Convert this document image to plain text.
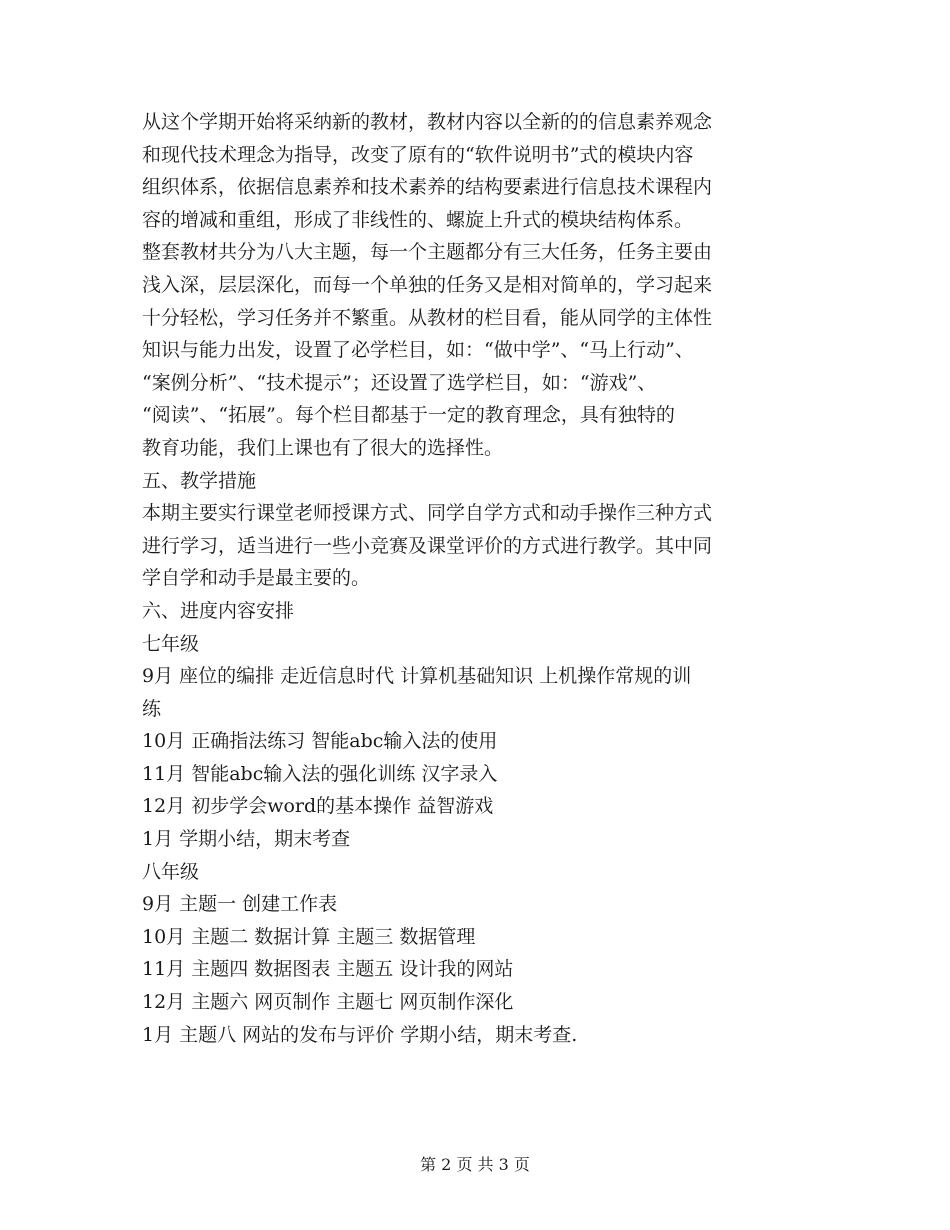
从这个学期开始将采纳新的教材，教材内容以全新的的信息素养观念
和现代技术理念为指导，改变了原有的“软件说明书”式的模块内容
组织体系，依据信息素养和技术素养的结构要素进行信息技术课程内
容的增减和重组，形成了非线性的、螺旋上升式的模块结构体系。
整套教材共分为八大主题，每一个主题都分有三大任务，任务主要由
浅入深，层层深化，而每一个单独的任务又是相对简单的，学习起来
十分轻松，学习任务并不繁重。从教材的栏目看，能从同学的主体性
知识与能力出发，设置了必学栏目，如：“做中学”、“马上行动”、
“案例分析”、“技术提示”；还设置了选学栏目，如：“游戏”、
“阅读”、“拓展”。每个栏目都基于一定的教育理念，具有独特的
教育功能，我们上课也有了很大的选择性。
五、教学措施
本期主要实行课堂老师授课方式、同学自学方式和动手操作三种方式
进行学习，适当进行一些小竞赛及课堂评价的方式进行教学。其中同
学自学和动手是最主要的。
六、进度内容安排
七年级
9月 座位的编排 走近信息时代 计算机基础知识 上机操作常规的训
练
10月 正确指法练习 智能abc输入法的使用
11月 智能abc输入法的强化训练 汉字录入
12月 初步学会word的基本操作 益智游戏
1月 学期小结，期末考查
八年级
9月 主题一 创建工作表
10月 主题二 数据计算 主题三 数据管理
11月 主题四 数据图表 主题五 设计我的网站
12月 主题六 网页制作 主题七 网页制作深化
1月 主题八 网站的发布与评价 学期小结，期末考查.
第 2 页 共 3 页
